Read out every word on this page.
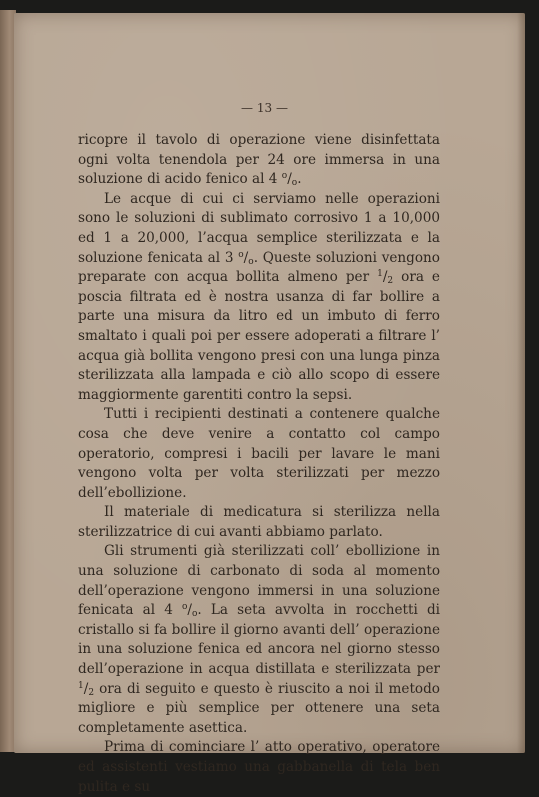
— 13 —

ricopre il tavolo di operazione viene disinfettata ogni volta tenendola per 24 ore immersa in una soluzione di acido fenico al 4 $^o/_o$.

Le acque di cui ci serviamo nelle operazioni sono le soluzioni di sublimato corrosivo 1 a 10,000 ed 1 a 20,000, l’acqua semplice sterilizzata e la soluzione fenicata al 3 $^o/_o$. Queste soluzioni vengono preparate con acqua bollita almeno per $^1/_2$ ora e poscia filtrata ed è nostra usanza di far bollire a parte una misura da litro ed un imbuto di ferro smaltato i quali poi per essere adoperati a filtrare l’ acqua già bollita vengono presi con una lunga pinza sterilizzata alla lampada e ciò allo scopo di essere maggiormente garentiti contro la sepsi.

Tutti i recipienti destinati a contenere qualche cosa che deve venire a contatto col campo operatorio, compresi i bacili per lavare le mani vengono volta per volta sterilizzati per mezzo dell’ebollizione.

Il materiale di medicatura si sterilizza nella sterilizzatrice di cui avanti abbiamo parlato.

Gli strumenti già sterilizzati coll’ ebollizione in una soluzione di carbonato di soda al momento dell’operazione vengono immersi in una soluzione fenicata al 4 $^o/_o$. La seta avvolta in rocchetti di cristallo si fa bollire il giorno avanti dell’ operazione in una soluzione fenica ed ancora nel giorno stesso dell’operazione in acqua distillata e sterilizzata per $^1/_2$ ora di seguito e questo è riuscito a noi il metodo migliore e più semplice per ottenere una seta completamente asettica.

Prima di cominciare l’ atto operativo, operatore ed assistenti vestiamo una gabbanella di tela ben pulita e su
